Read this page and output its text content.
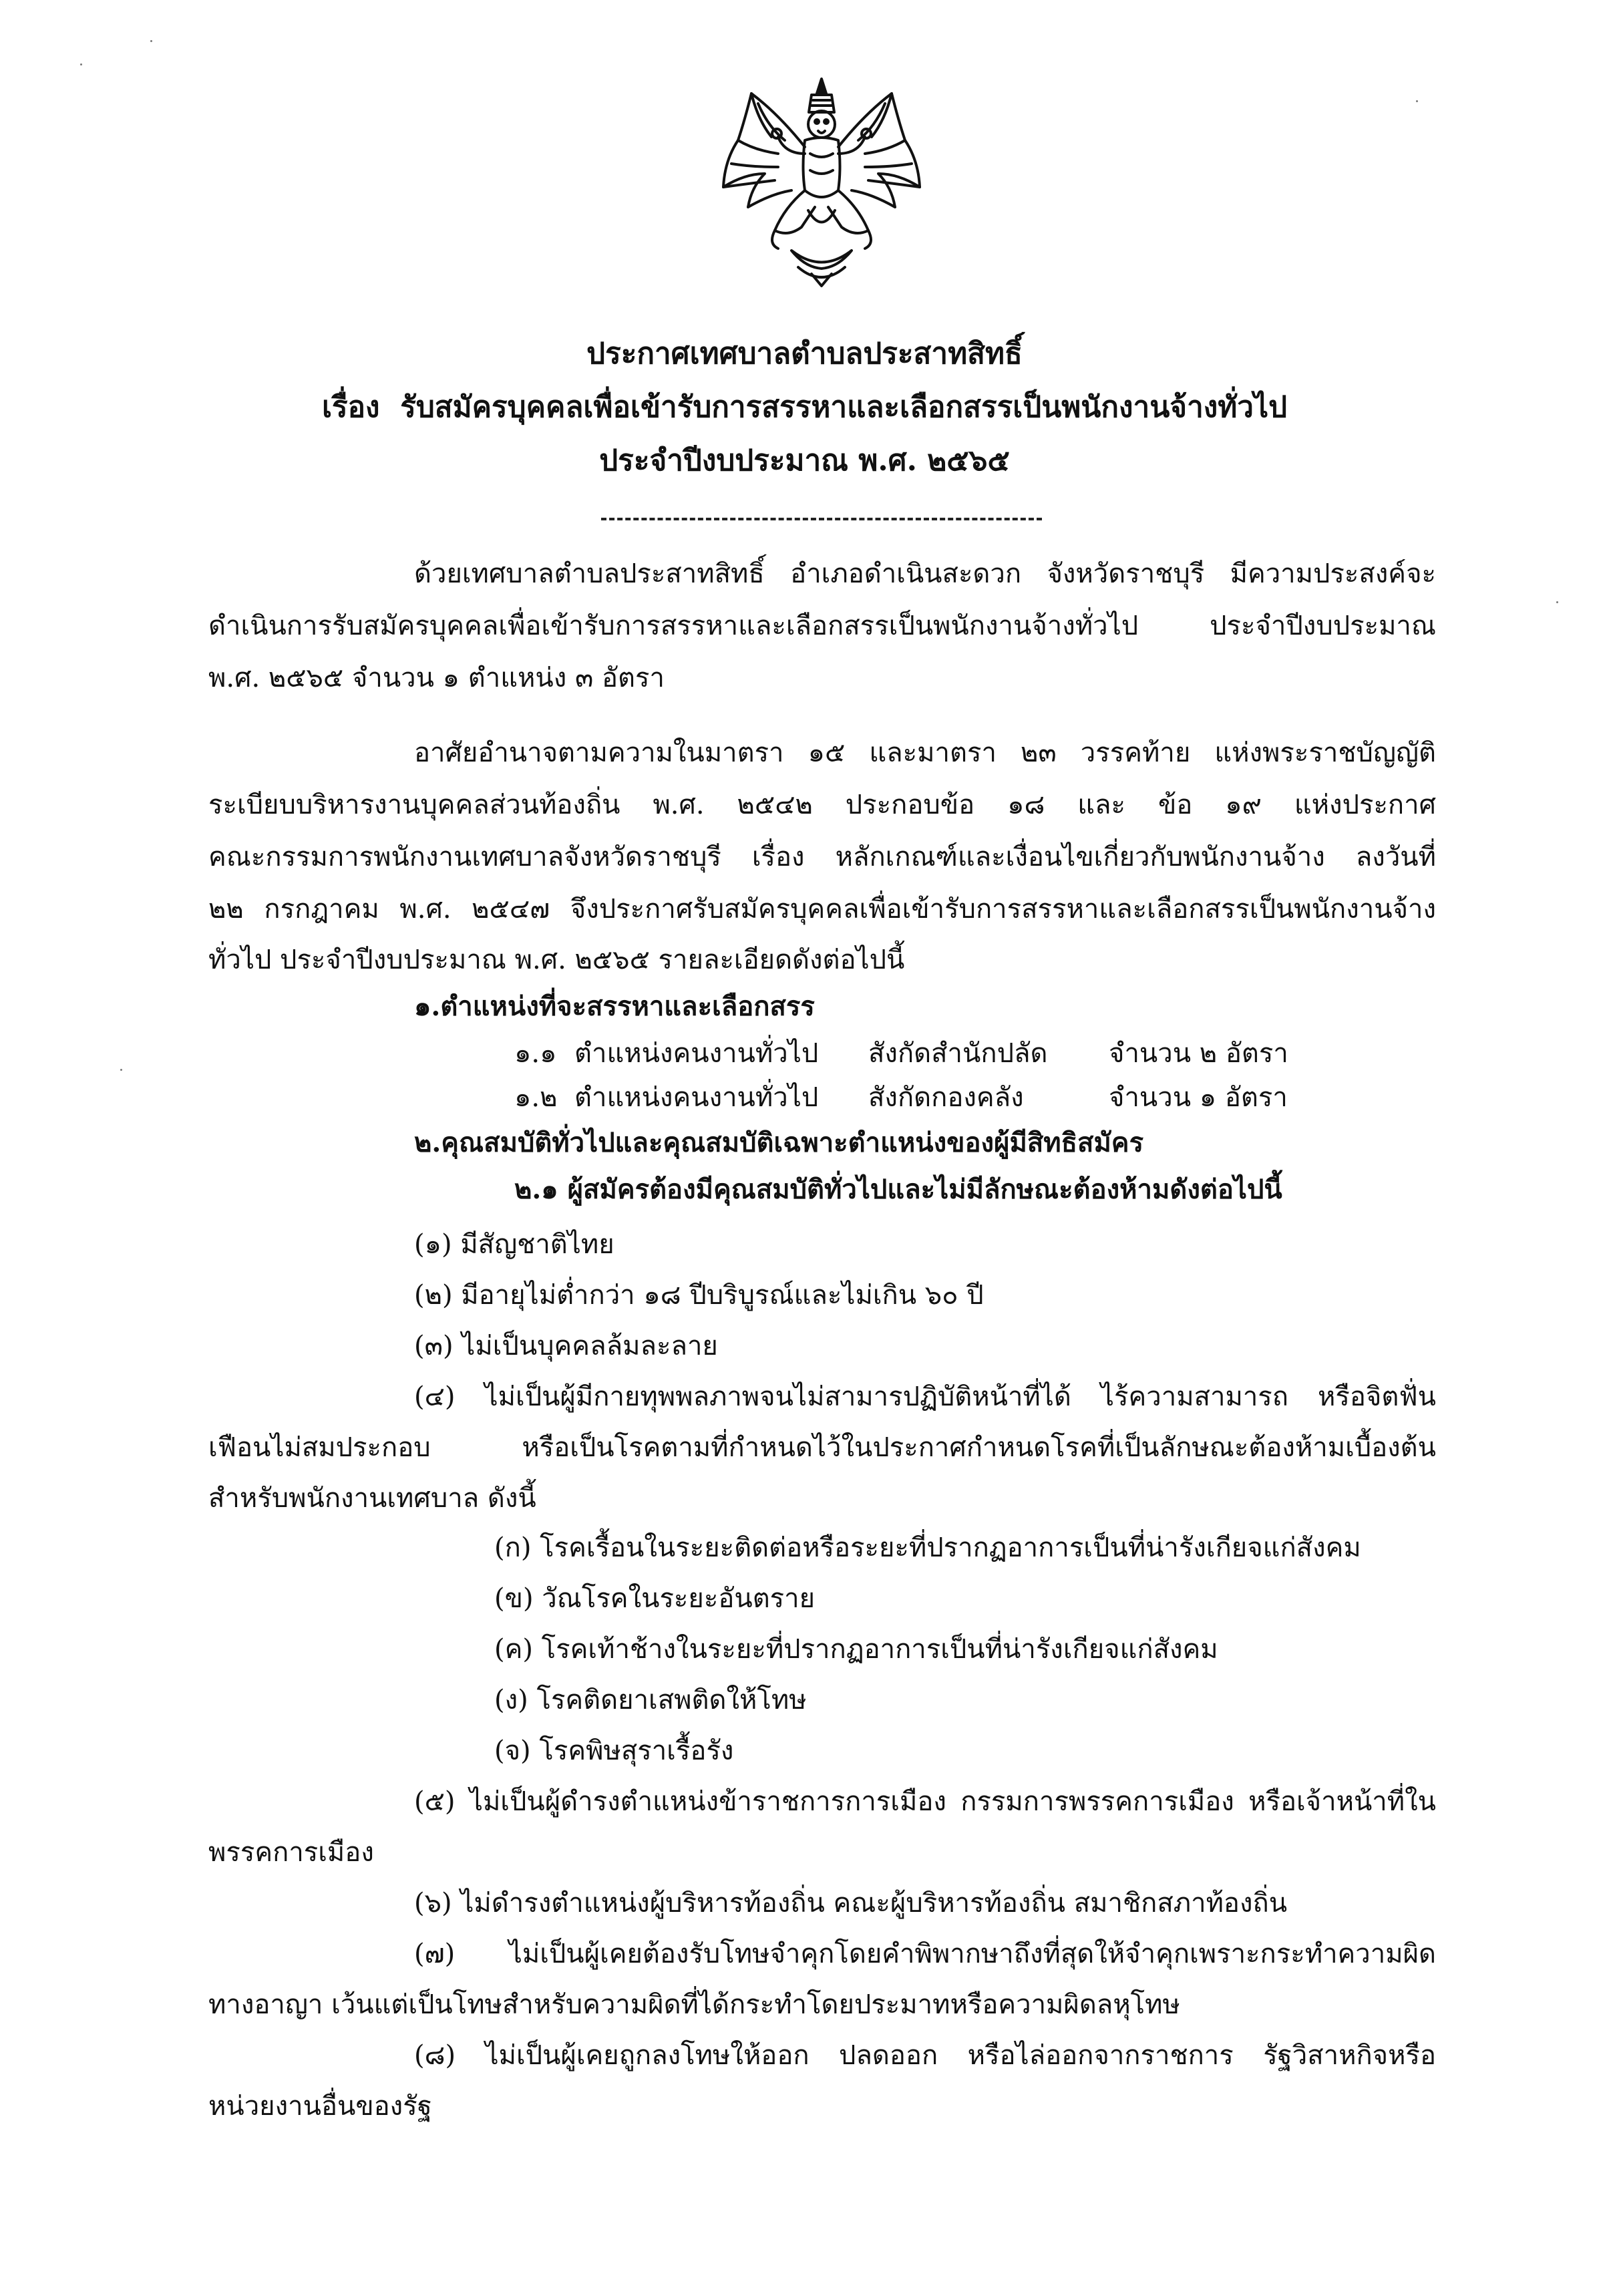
ประกาศเทศบาลตำบลประสาทสิทธิ์
เรื่อง รับสมัครบุคคลเพื่อเข้ารับการสรรหาและเลือกสรรเป็นพนักงานจ้างทั่วไป
ประจำปีงบประมาณ พ.ศ. ๒๕๖๕
ด้วยเทศบาลตำบลประสาทสิทธิ์ อำเภอดำเนินสะดวก จังหวัดราชบุรี มีความประสงค์จะ
ดำเนินการรับสมัครบุคคลเพื่อเข้ารับการสรรหาและเลือกสรรเป็นพนักงานจ้างทั่วไป ประจำปีงบประมาณ
พ.ศ. ๒๕๖๕ จำนวน ๑ ตำแหน่ง ๓ อัตรา
อาศัยอำนาจตามความในมาตรา ๑๕ และมาตรา ๒๓ วรรคท้าย แห่งพระราชบัญญัติ
ระเบียบบริหารงานบุคคลส่วนท้องถิ่น พ.ศ. ๒๕๔๒ ประกอบข้อ ๑๘ และ ข้อ ๑๙ แห่งประกาศ
คณะกรรมการพนักงานเทศบาลจังหวัดราชบุรี เรื่อง หลักเกณฑ์และเงื่อนไขเกี่ยวกับพนักงานจ้าง ลงวันที่
๒๒ กรกฎาคม พ.ศ. ๒๕๔๗ จึงประกาศรับสมัครบุคคลเพื่อเข้ารับการสรรหาและเลือกสรรเป็นพนักงานจ้าง
ทั่วไป ประจำปีงบประมาณ พ.ศ. ๒๕๖๕ รายละเอียดดังต่อไปนี้
๑.ตำแหน่งที่จะสรรหาและเลือกสรร
๑.๑ ตำแหน่งคนงานทั่วไป สังกัดสำนักปลัด จำนวน ๒ อัตรา
๑.๒ ตำแหน่งคนงานทั่วไป สังกัดกองคลัง	จำนวน ๑ อัตรา
๒.คุณสมบัติทั่วไปและคุณสมบัติเฉพาะตำแหน่งของผู้มีสิทธิสมัคร
๒.๑ ผู้สมัครต้องมีคุณสมบัติทั่วไปและไม่มีลักษณะต้องห้ามดังต่อไปนี้
(๑) มีสัญชาติไทย
(๒) มีอายุไม่ต่ำกว่า ๑๘ ปีบริบูรณ์และไม่เกิน ๖๐ ปี
(๓) ไม่เป็นบุคคลล้มละลาย
(๔) ไม่เป็นผู้มีกายทุพพลภาพจนไม่สามารปฏิบัติหน้าที่ได้ ไร้ความสามารถ หรือจิตฟั่น
เฟือนไม่สมประกอบ หรือเป็นโรคตามที่กำหนดไว้ในประกาศกำหนดโรคที่เป็นลักษณะต้องห้ามเบื้องต้น
สำหรับพนักงานเทศบาล ดังนี้
(ก) โรคเรื้อนในระยะติดต่อหรือระยะที่ปรากฏอาการเป็นที่น่ารังเกียจแก่สังคม
(ข) วัณโรคในระยะอันตราย
(ค) โรคเท้าช้างในระยะที่ปรากฏอาการเป็นที่น่ารังเกียจแก่สังคม
(ง) โรคติดยาเสพติดให้โทษ
(จ) โรคพิษสุราเรื้อรัง
(๕) ไม่เป็นผู้ดำรงตำแหน่งข้าราชการการเมือง กรรมการพรรคการเมือง หรือเจ้าหน้าที่ใน
พรรคการเมือง
(๖) ไม่ดำรงตำแหน่งผู้บริหารท้องถิ่น คณะผู้บริหารท้องถิ่น สมาชิกสภาท้องถิ่น
(๗) ไม่เป็นผู้เคยต้องรับโทษจำคุกโดยคำพิพากษาถึงที่สุดให้จำคุกเพราะกระทำความผิด
ทางอาญา เว้นแต่เป็นโทษสำหรับความผิดที่ได้กระทำโดยประมาทหรือความผิดลหุโทษ
(๘) ไม่เป็นผู้เคยถูกลงโทษให้ออก ปลดออก หรือไล่ออกจากราชการ รัฐวิสาหกิจหรือ
หน่วยงานอื่นของรัฐ
